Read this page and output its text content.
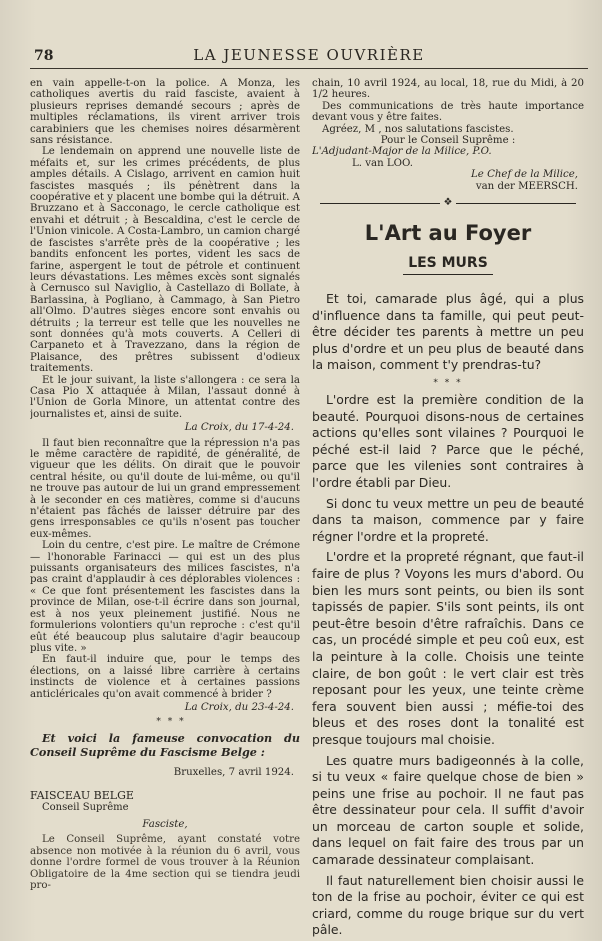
78	LA JEUNESSE OUVRIÈRE

en vain appelle-t-on la police. A Monza, les catholiques avertis du raid fasciste, avaient à plusieurs reprises demandé secours ; après de multiples réclamations, ils virent arriver trois carabiniers que les chemises noires désarmèrent sans résistance.

Le lendemain on apprend une nouvelle liste de méfaits et, sur les crimes précédents, de plus amples détails. A Cislago, arrivent en camion huit fascistes masqués ; ils pénètrent dans la coopérative et y placent une bombe qui la détruit. A Bruzzano et à Sacconago, le cercle catholique est envahi et détruit ; à Bescaldina, c'est le cercle de l'Union vinicole. A Costa-Lambro, un camion chargé de fascistes s'arrête près de la coopérative ; les bandits enfoncent les portes, vident les sacs de farine, aspergent le tout de pétrole et continuent leurs dévastations. Les mêmes excès sont signalés à Cernusco sul Naviglio, à Castellazo di Bollate, à Barlassina, à Pogliano, à Cammago, à San Pietro all'Olmo. D'autres sièges encore sont envahis ou détruits ; la terreur est telle que les nouvelles ne sont données qu'à mots couverts. A Celleri di Carpaneto et à Travezzano, dans la région de Plaisance, des prêtres subissent d'odieux traitements.

Et le jour suivant, la liste s'allongera : ce sera la Casa Pio X attaquée à Milan, l'assaut donné à l'Union de Gorla Minore, un attentat contre des journalistes et, ainsi de suite.

La Croix, du 17-4-24.

Il faut bien reconnaître que la répression n'a pas le même caractère de rapidité, de généralité, de vigueur que les délits. On dirait que le pouvoir central hésite, ou qu'il doute de lui-même, ou qu'il ne trouve pas autour de lui un grand empressement à le seconder en ces matières, comme si d'aucuns n'étaient pas fâchés de laisser détruire par des gens irresponsables ce qu'ils n'osent pas toucher eux-mêmes.

Loin du centre, c'est pire. Le maître de Crémone — l'honorable Farinacci — qui est un des plus puissants organisateurs des milices fascistes, n'a pas craint d'applaudir à ces déplorables violences : « Ce que font présentement les fascistes dans la province de Milan, ose-t-il écrire dans son journal, est à nos yeux pleinement justifié. Nous ne formulerions volontiers qu'un reproche : c'est qu'il eût été beaucoup plus salutaire d'agir beaucoup plus vite. »

En faut-il induire que, pour le temps des élections, on a laissé libre carrière à certains instincts de violence et à certaines passions anticléricales qu'on avait commencé à brider ?

La Croix, du 23-4-24.

* * *

Et voici la fameuse convocation du Conseil Suprême du Fascisme Belge :

Bruxelles, 7 avril 1924.

FAISCEAU BELGE

Conseil Suprême

Fasciste,

Le Conseil Suprême, ayant constaté votre absence non motivée à la réunion du 6 avril, vous donne l'ordre formel de vous trouver à la Réunion Obligatoire de la 4me section qui se tiendra jeudi pro-

chain, 10 avril 1924, au local, 18, rue du Midi, à 20 1/2 heures.

Des communications de très haute importance devant vous y être faites.

Agréez, M , nos salutations fascistes.

Pour le Conseil Suprême :

L'Adjudant-Major de la Milice, P.O.

L. van LOO.

Le Chef de la Milice,

van der MEERSCH.

❖
L'Art au Foyer
LES MURS

Et toi, camarade plus âgé, qui a plus d'influence dans ta famille, qui peut peut-être décider tes parents à mettre un peu plus d'ordre et un peu plus de beauté dans la maison, comment t'y prendras-tu?

* * *

L'ordre est la première condition de la beauté. Pourquoi disons-nous de certaines actions qu'elles sont vilaines ? Pourquoi le péché est-il laid ? Parce que le péché, parce que les vilenies sont contraires à l'ordre établi par Dieu.

Si donc tu veux mettre un peu de beauté dans ta maison, commence par y faire régner l'ordre et la propreté.

L'ordre et la propreté régnant, que faut-il faire de plus ? Voyons les murs d'abord. Ou bien les murs sont peints, ou bien ils sont tapissés de papier. S'ils sont peints, ils ont peut-être besoin d'être rafraîchis. Dans ce cas, un procédé simple et peu coû eux, est la peinture à la colle. Choisis une teinte claire, de bon goût : le vert clair est très reposant pour les yeux, une teinte crème fera souvent bien aussi ; méfie-toi des bleus et des roses dont la tonalité est presque toujours mal choisie.

Les quatre murs badigeonnés à la colle, si tu veux « faire quelque chose de bien » peins une frise au pochoir. Il ne faut pas être dessinateur pour cela. Il suffit d'avoir un morceau de carton souple et solide, dans lequel on fait faire des trous par un camarade dessinateur complaisant.

Il faut naturellement bien choisir aussi le ton de la frise au pochoir, éviter ce qui est criard, comme du rouge brique sur du vert pâle.
